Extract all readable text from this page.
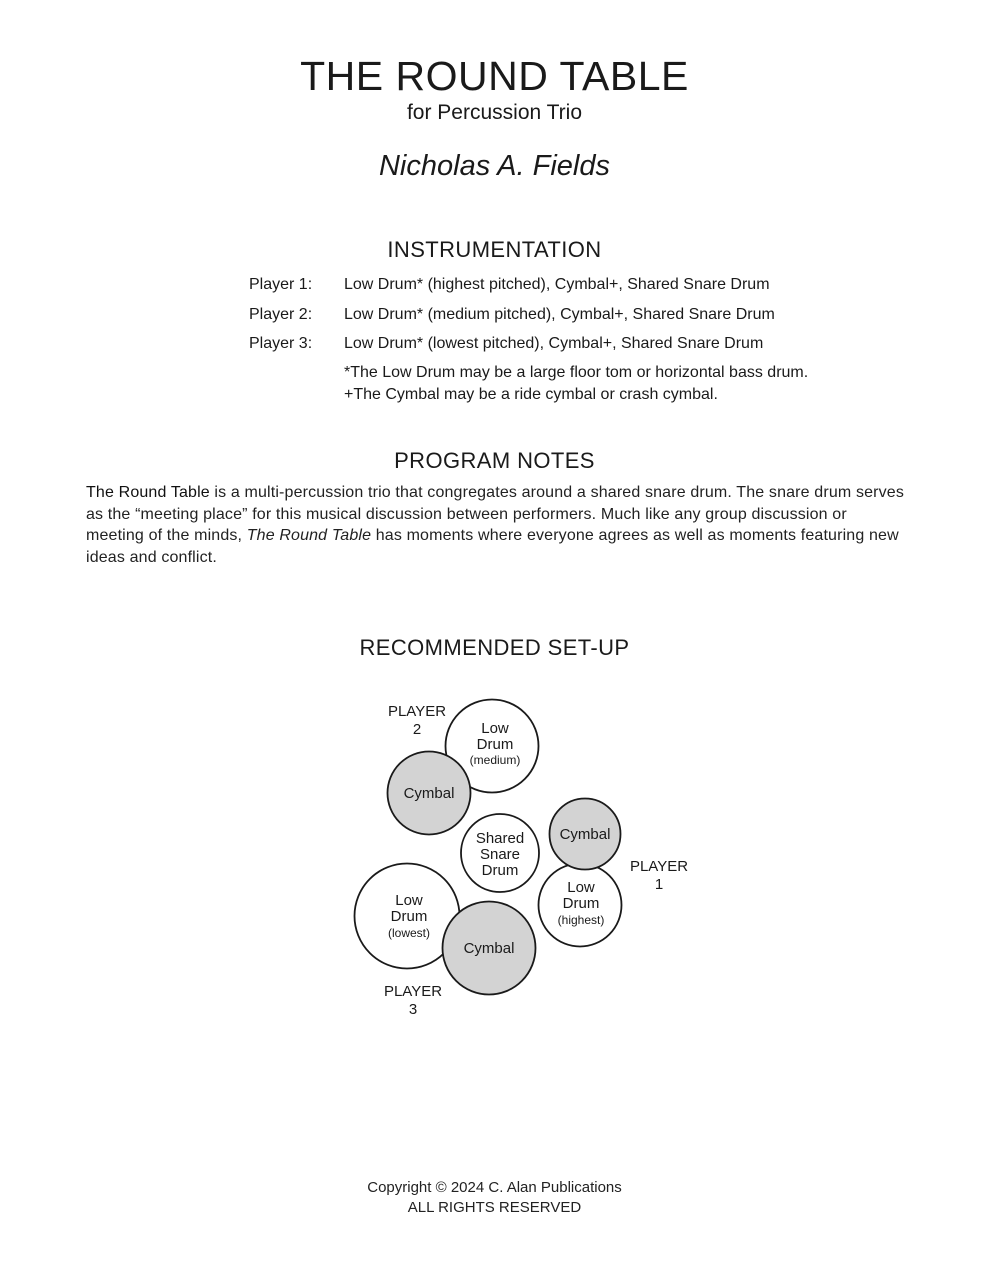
THE ROUND TABLE
for Percussion Trio
Nicholas A. Fields
INSTRUMENTATION
Player 1: Low Drum* (highest pitched), Cymbal+, Shared Snare Drum
Player 2: Low Drum* (medium pitched), Cymbal+, Shared Snare Drum
Player 3: Low Drum* (lowest pitched), Cymbal+, Shared Snare Drum
*The Low Drum may be a large floor tom or horizontal bass drum.
+The Cymbal may be a ride cymbal or crash cymbal.
PROGRAM NOTES
The Round Table is a multi-percussion trio that congregates around a shared snare drum. The snare drum serves as the “meeting place” for this musical discussion between performers. Much like any group discussion or meeting of the minds, The Round Table has moments where everyone agrees as well as moments featuring new ideas and conflict.
RECOMMENDED SET-UP
PLAYER
2	Low
Drum
(medium)
Cymbal
Shared
Snare
Drum
Low
Drum
(highest)
Cymbal
PLAYER
1
Low
Drum
(lowest)
Cymbal
PLAYER
3
Copyright © 2024 C. Alan Publications
ALL RIGHTS RESERVED
